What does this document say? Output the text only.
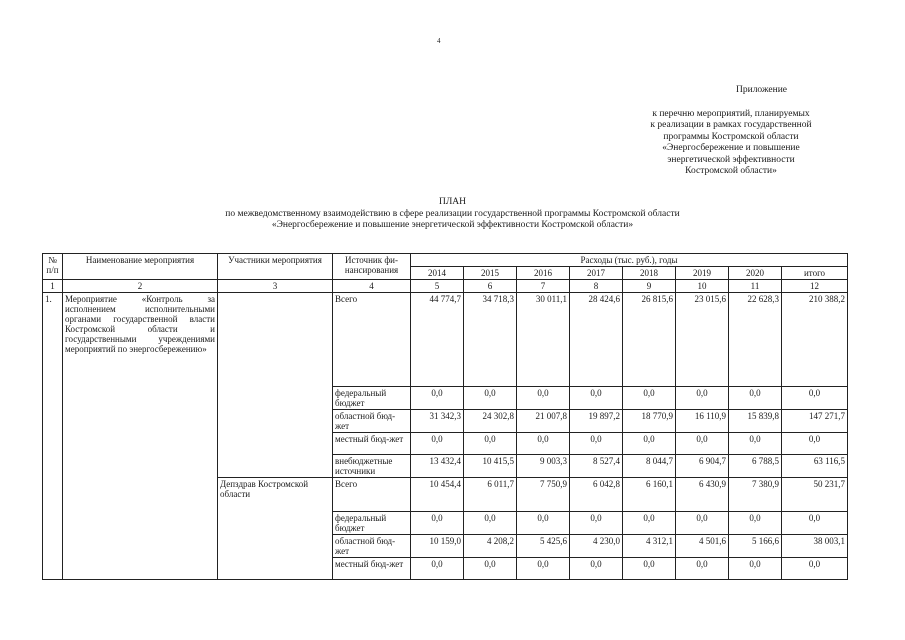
4
Приложение
к перечню мероприятий, планируемых
к реализации в рамках государственной
программы Костромской области
«Энергосбережение и повышение
энергетической эффективности
Костромской области»
ПЛАН
по межведомственному взаимодействию в сфере реализации государственной программы Костромской области
«Энергосбережение и повышение энергетической эффективности Костромской области»
№ п/п	Наименование мероприятия	Участники мероприятия	Источник фи-нансирования	Расходы (тыс. руб.), годы							
				2014	2015	2016	2017	2018	2019	2020	итого
1	2	3	4	5	6	7	8	9	10	11	12
1.	Мероприятие «Контроль за исполнением исполнительными органами государственной власти Костромской области и государственными учреждениями мероприятий по энергосбережению»		Всего	44 774,7	34 718,3	30 011,1	28 424,6	26 815,6	23 015,6	22 628,3	210 388,2
			федеральный бюджет	0,0	0,0	0,0	0,0	0,0	0,0	0,0	0,0
			областной бюд-жет	31 342,3	24 302,8	21 007,8	19 897,2	18 770,9	16 110,9	15 839,8	147 271,7
			местный бюд-жет	0,0	0,0	0,0	0,0	0,0	0,0	0,0	0,0
			внебюджетные источники	13 432,4	10 415,5	9 003,3	8 527,4	8 044,7	6 904,7	6 788,5	63 116,5
		Депздрав Костромской области	Всего	10 454,4	6 011,7	7 750,9	6 042,8	6 160,1	6 430,9	7 380,9	50 231,7
			федеральный бюджет	0,0	0,0	0,0	0,0	0,0	0,0	0,0	0,0
			областной бюд-жет	10 159,0	4 208,2	5 425,6	4 230,0	4 312,1	4 501,6	5 166,6	38 003,1
			местный бюд-жет	0,0	0,0	0,0	0,0	0,0	0,0	0,0	0,0
